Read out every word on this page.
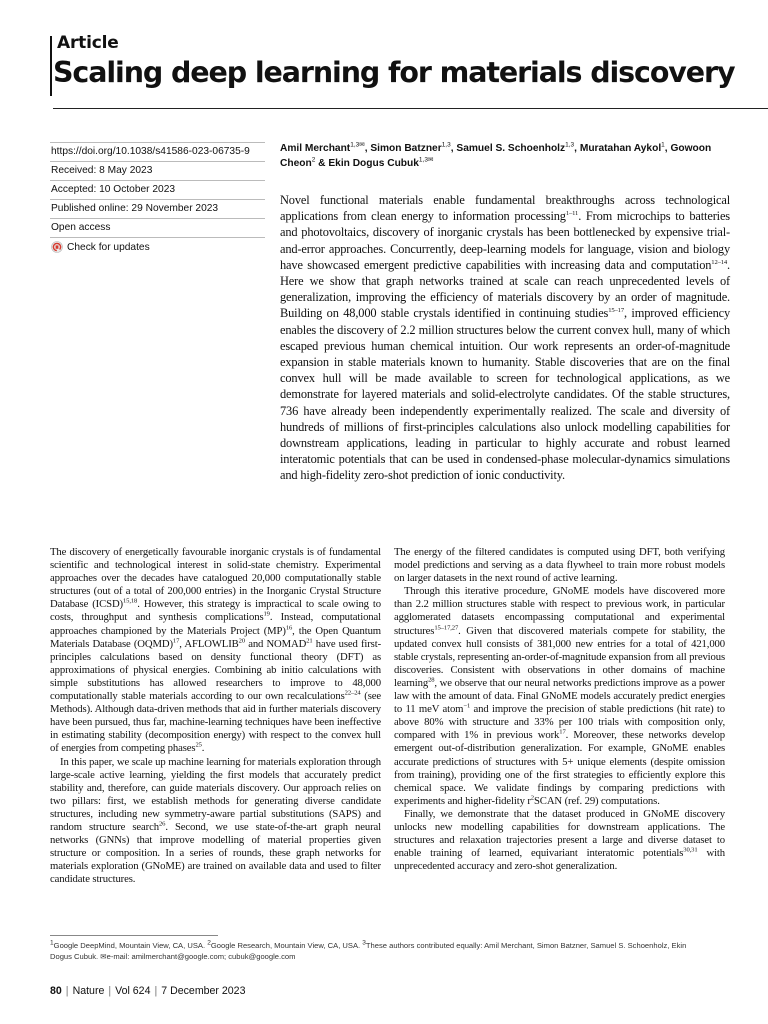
Article
Scaling deep learning for materials discovery
https://doi.org/10.1038/s41586-023-06735-9
Received: 8 May 2023
Accepted: 10 October 2023
Published online: 29 November 2023
Open access
Check for updates
Amil Merchant$^{1,3✉}$, Simon Batzner$^{1,3}$, Samuel S. Schoenholz$^{1,3}$, Muratahan Aykol$^1$, Gowoon Cheon$^2$ & Ekin Dogus Cubuk$^{1,3✉}$
Novel functional materials enable fundamental breakthroughs across technological applications from clean energy to information processing$^{1-11}$. From microchips to batteries and photovoltaics, discovery of inorganic crystals has been bottlenecked by expensive trial-and-error approaches. Concurrently, deep-learning models for language, vision and biology have showcased emergent predictive capabilities with increasing data and computation$^{12-14}$. Here we show that graph networks trained at scale can reach unprecedented levels of generalization, improving the efficiency of materials discovery by an order of magnitude. Building on 48,000 stable crystals identified in continuing studies$^{15-17}$, improved efficiency enables the discovery of 2.2 million structures below the current convex hull, many of which escaped previous human chemical intuition. Our work represents an order-of-magnitude expansion in stable materials known to humanity. Stable discoveries that are on the final convex hull will be made available to screen for technological applications, as we demonstrate for layered materials and solid-electrolyte candidates. Of the stable structures, 736 have already been independently experimentally realized. The scale and diversity of hundreds of millions of first-principles calculations also unlock modelling capabilities for downstream applications, leading in particular to highly accurate and robust learned interatomic potentials that can be used in condensed-phase molecular-dynamics simulations and high-fidelity zero-shot prediction of ionic conductivity.

The discovery of energetically favourable inorganic crystals is of fundamental scientific and technological interest in solid-state chemistry. Experimental approaches over the decades have catalogued 20,000 computationally stable structures (out of a total of 200,000 entries) in the Inorganic Crystal Structure Database (ICSD)$^{15,18}$. However, this strategy is impractical to scale owing to costs, throughput and synthesis complications$^{19}$. Instead, computational approaches championed by the Materials Project (MP)$^{16}$, the Open Quantum Materials Database (OQMD)$^{17}$, AFLOWLIB$^{20}$ and NOMAD$^{21}$ have used first-principles calculations based on density functional theory (DFT) as approximations of physical energies. Combining ab initio calculations with simple substitutions has allowed researchers to improve to 48,000 computationally stable materials according to our own recalculations$^{22-24}$ (see Methods). Although data-driven methods that aid in further materials discovery have been pursued, thus far, machine-learning techniques have been ineffective in estimating stability (decomposition energy) with respect to the convex hull of energies from competing phases$^{25}$.

In this paper, we scale up machine learning for materials exploration through large-scale active learning, yielding the first models that accurately predict stability and, therefore, can guide materials discovery. Our approach relies on two pillars: first, we establish methods for generating diverse candidate structures, including new symmetry-aware partial substitutions (SAPS) and random structure search$^{26}$. Second, we use state-of-the-art graph neural networks (GNNs) that improve modelling of material properties given structure or composition. In a series of rounds, these graph networks for materials exploration (GNoME) are trained on available data and used to filter candidate structures.

The energy of the filtered candidates is computed using DFT, both verifying model predictions and serving as a data flywheel to train more robust models on larger datasets in the next round of active learning.

Through this iterative procedure, GNoME models have discovered more than 2.2 million structures stable with respect to previous work, in particular agglomerated datasets encompassing computational and experimental structures$^{15-17,27}$. Given that discovered materials compete for stability, the updated convex hull consists of 381,000 new entries for a total of 421,000 stable crystals, representing an-order-of-magnitude expansion from all previous discoveries. Consistent with observations in other domains of machine learning$^{28}$, we observe that our neural networks predictions improve as a power law with the amount of data. Final GNoME models accurately predict energies to 11 meV atom$^{-1}$ and improve the precision of stable predictions (hit rate) to above 80% with structure and 33% per 100 trials with composition only, compared with 1% in previous work$^{17}$. Moreover, these networks develop emergent out-of-distribution generalization. For example, GNoME enables accurate predictions of structures with 5+ unique elements (despite omission from training), providing one of the first strategies to efficiently explore this chemical space. We validate findings by comparing predictions with experiments and higher-fidelity $r^2SCAN$ (ref. 29) computations.

Finally, we demonstrate that the dataset produced in GNoME discovery unlocks new modelling capabilities for downstream applications. The structures and relaxation trajectories present a large and diverse dataset to enable training of learned, equivariant interatomic potentials$^{30,31}$ with unprecedented accuracy and zero-shot generalization.

$^1$Google DeepMind, Mountain View, CA, USA. $^2$Google Research, Mountain View, CA, USA. $^3$These authors contributed equally: Amil Merchant, Simon Batzner, Samuel S. Schoenholz, Ekin Dogus Cubuk. ✉e-mail: amilmerchant@google.com; cubuk@google.com
80 | Nature | Vol 624 | 7 December 2023
